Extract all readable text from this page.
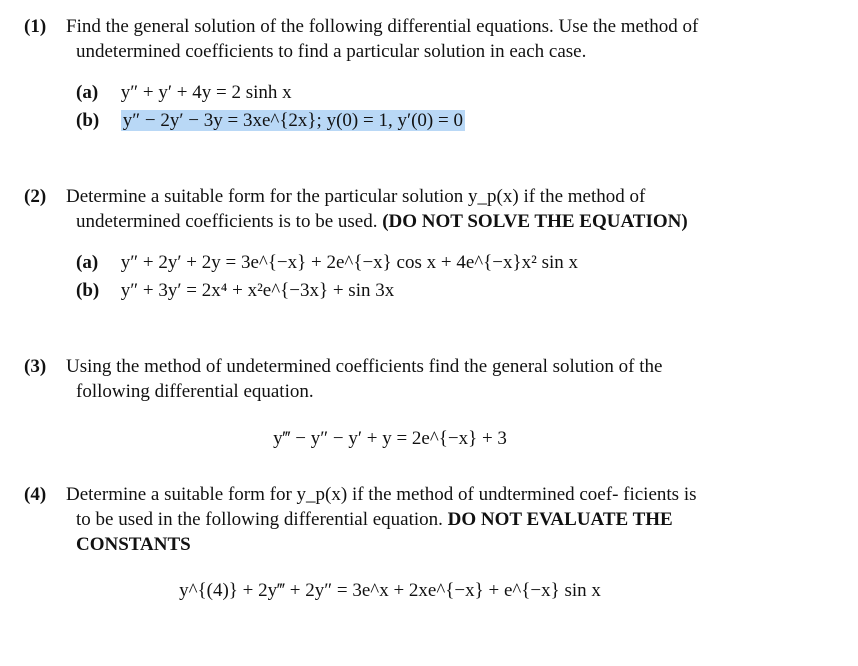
(1) Find the general solution of the following differential equations. Use the method of undetermined coefficients to find a particular solution in each case.
(a) y″ + y′ + 4y = 2 sinh x
(b) y″ − 2y′ − 3y = 3xe^{2x}; y(0) = 1, y′(0) = 0
(2) Determine a suitable form for the particular solution y_p(x) if the method of undetermined coefficients is to be used. (DO NOT SOLVE THE EQUATION)
(a) y″ + 2y′ + 2y = 3e^{−x} + 2e^{−x} cos x + 4e^{−x}x² sin x
(b) y″ + 3y′ = 2x⁴ + x²e^{−3x} + sin 3x
(3) Using the method of undetermined coefficients find the general solution of the following differential equation.
y‴ − y″ − y′ + y = 2e^{−x} + 3
(4) Determine a suitable form for y_p(x) if the method of undtermined coef- ficients is to be used in the following differential equation. DO NOT EVALUATE THE CONSTANTS
y^{(4)} + 2y‴ + 2y″ = 3e^x + 2xe^{−x} + e^{−x} sin x
